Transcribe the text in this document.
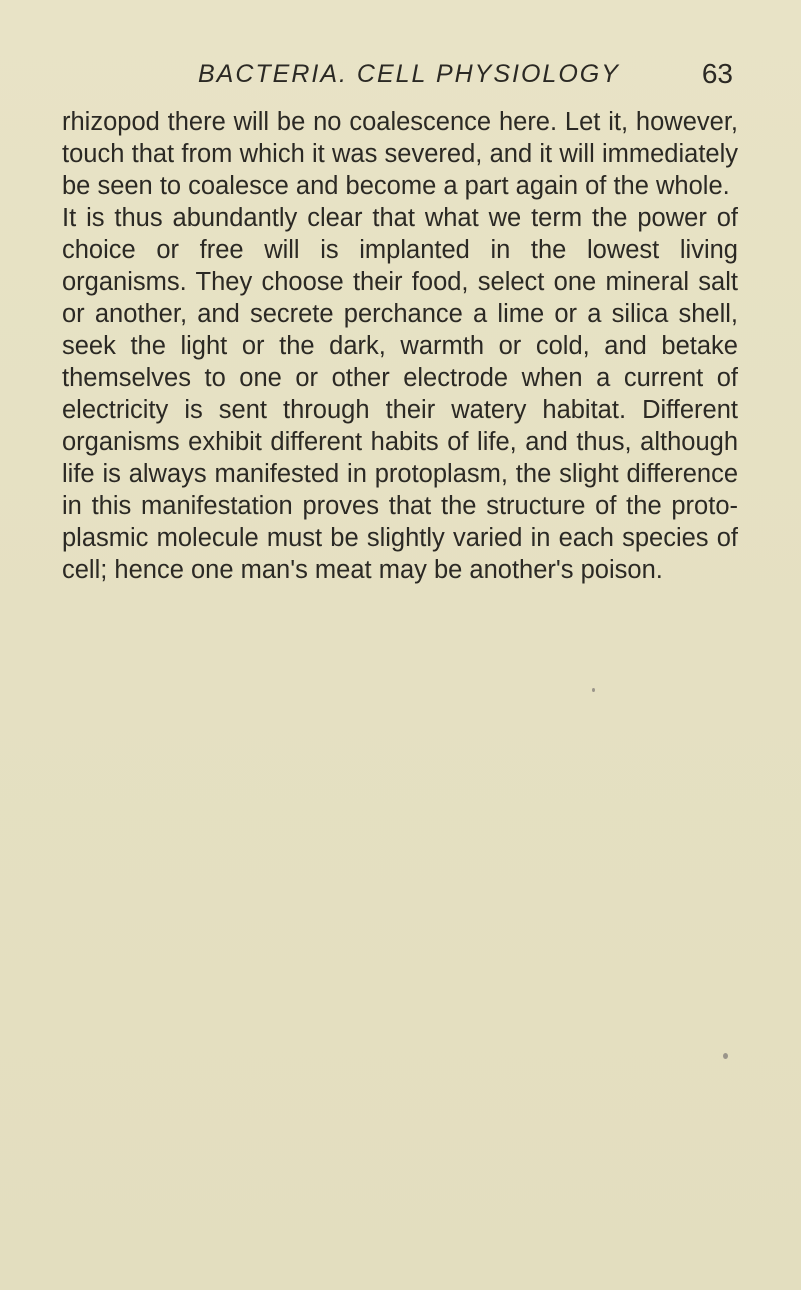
BACTERIA. CELL PHYSIOLOGY	63

rhizopod there will be no coalescence here. Let it, however, touch that from which it was severed, and it will immediately be seen to coalesce and become a part again of the whole.

It is thus abundantly clear that what we term the power of choice or free will is implanted in the lowest living organisms. They choose their food, select one mineral salt or another, and secrete perchance a lime or a silica shell, seek the light or the dark, warmth or cold, and betake themselves to one or other electrode when a current of electricity is sent through their watery habitat. Different organisms exhibit different habits of life, and thus, although life is always manifested in protoplasm, the slight difference in this manifestation proves that the structure of the proto-plasmic molecule must be slightly varied in each species of cell; hence one man's meat may be another's poison.
